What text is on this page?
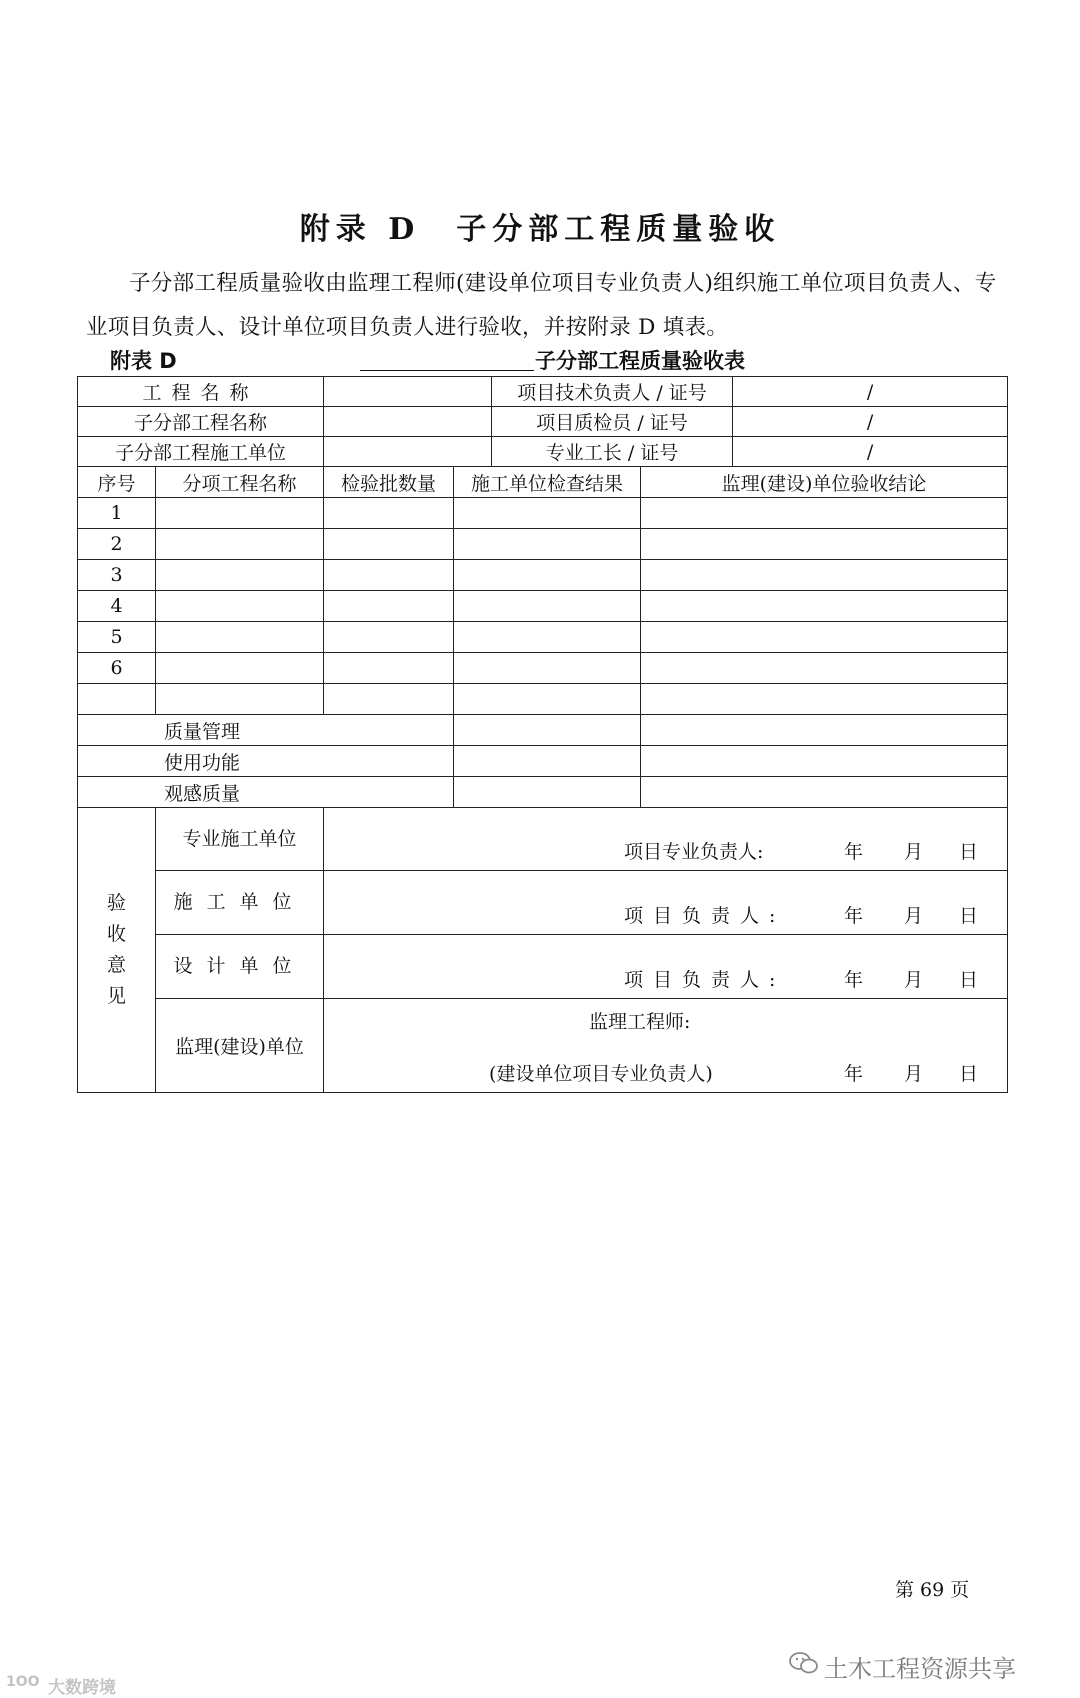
附录 D　子分部工程质量验收
子分部工程质量验收由监理工程师(建设单位项目专业负责人)组织施工单位项目负责人、专业项目负责人、设计单位项目负责人进行验收，并按附录 D 填表。
附表 D	子分部工程质量验收表
工程名称				项目技术负责人 / 证号		/
子分部工程名称				项目质检员 / 证号		/
子分部工程施工单位				专业工长 / 证号		/
序号	分项工程名称	检验批数量	施工单位检查结果		监理(建设)单位验收结论	
1						
2						
3						
4						
5						
6						

质量管理						
使用功能						
观感质量						
验
收
意
见	专业施工单位	项目专业负责人: 年 月 日				

	施工单位	项目负责人: 年 月 日				

	设计单位	项目负责人: 年 月 日				

	监理(建设)单位	监理工程师:
(建设单位项目专业负责人) 年 月 日				
第 69 页
土木工程资源共享
1OO 大数跨境
